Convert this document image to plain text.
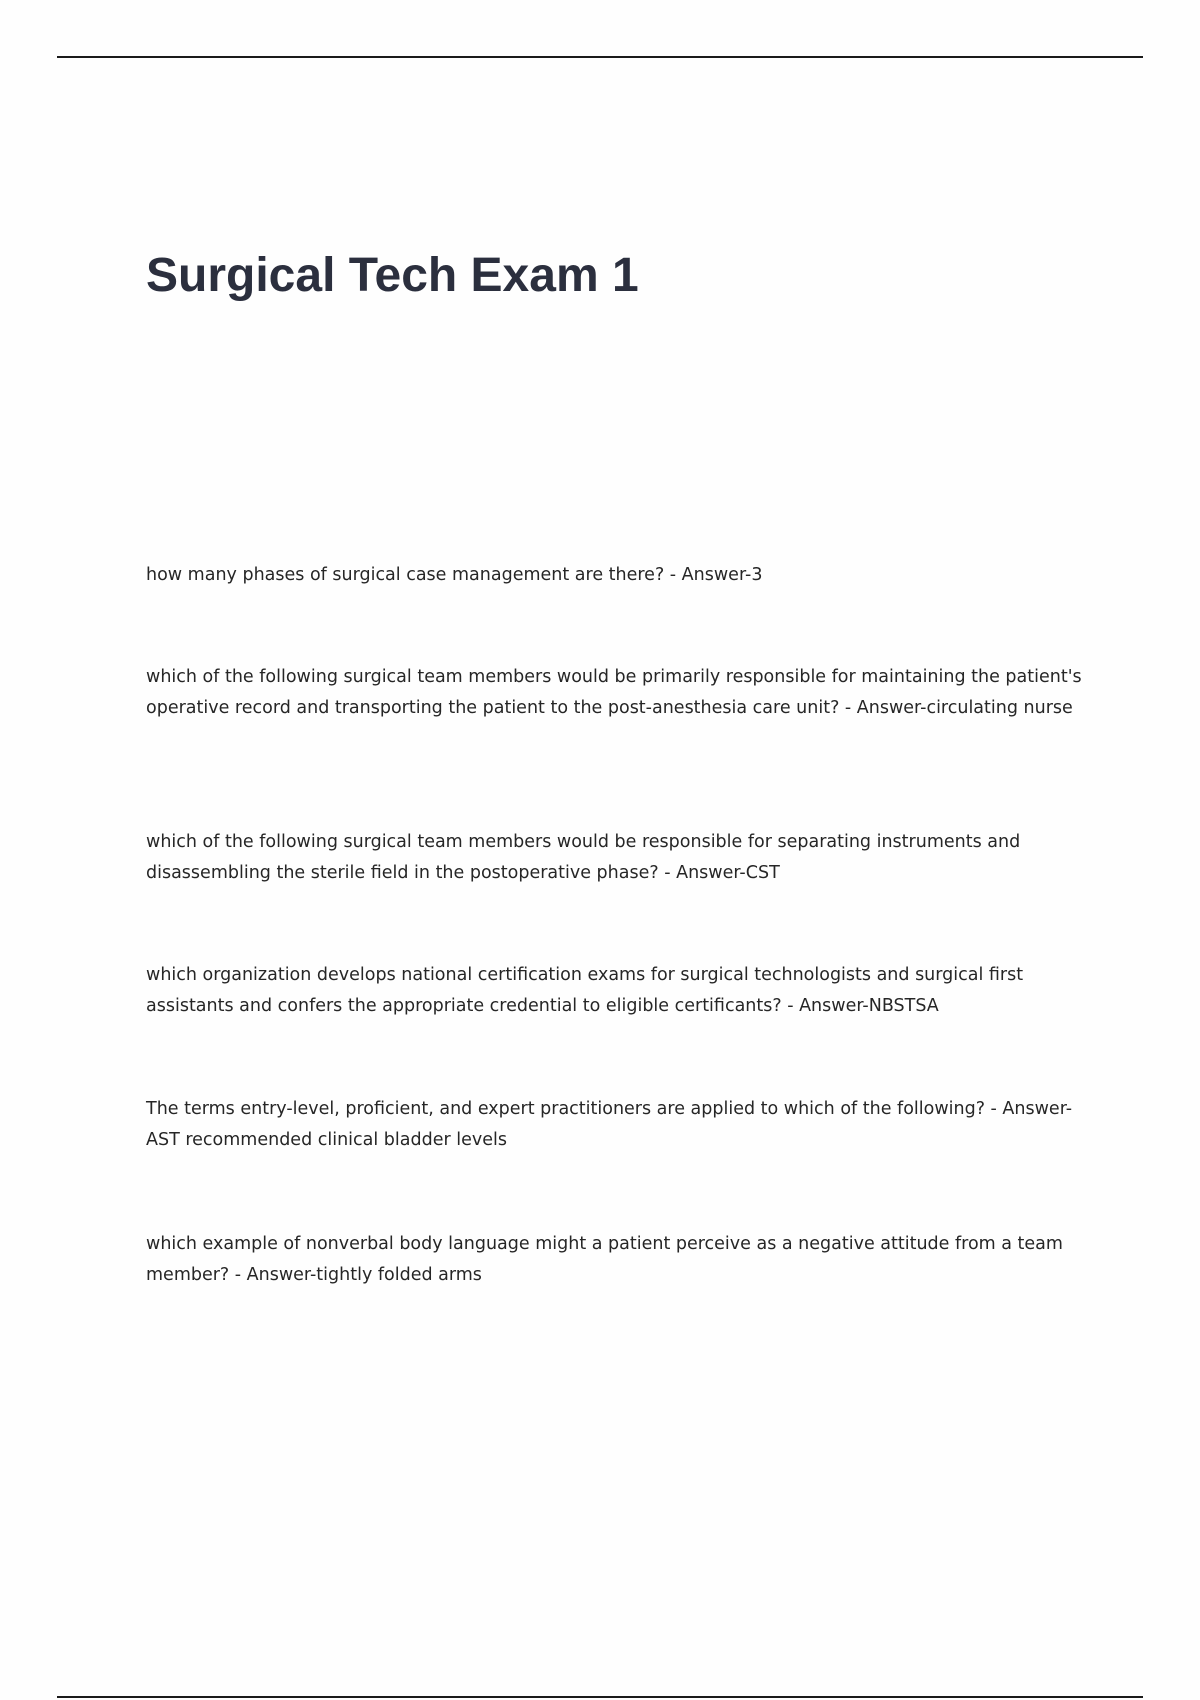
Surgical Tech Exam 1

how many phases of surgical case management are there? - Answer-3

which of the following surgical team members would be primarily responsible for maintaining the patient's operative record and transporting the patient to the post-anesthesia care unit? - Answer-circulating nurse

which of the following surgical team members would be responsible for separating instruments and disassembling the sterile field in the postoperative phase? - Answer-CST

which organization develops national certification exams for surgical technologists and surgical first assistants and confers the appropriate credential to eligible certificants? - Answer-NBSTSA

The terms entry-level, proficient, and expert practitioners are applied to which of the following? - Answer-AST recommended clinical bladder levels

which example of nonverbal body language might a patient perceive as a negative attitude from a team member? - Answer-tightly folded arms
